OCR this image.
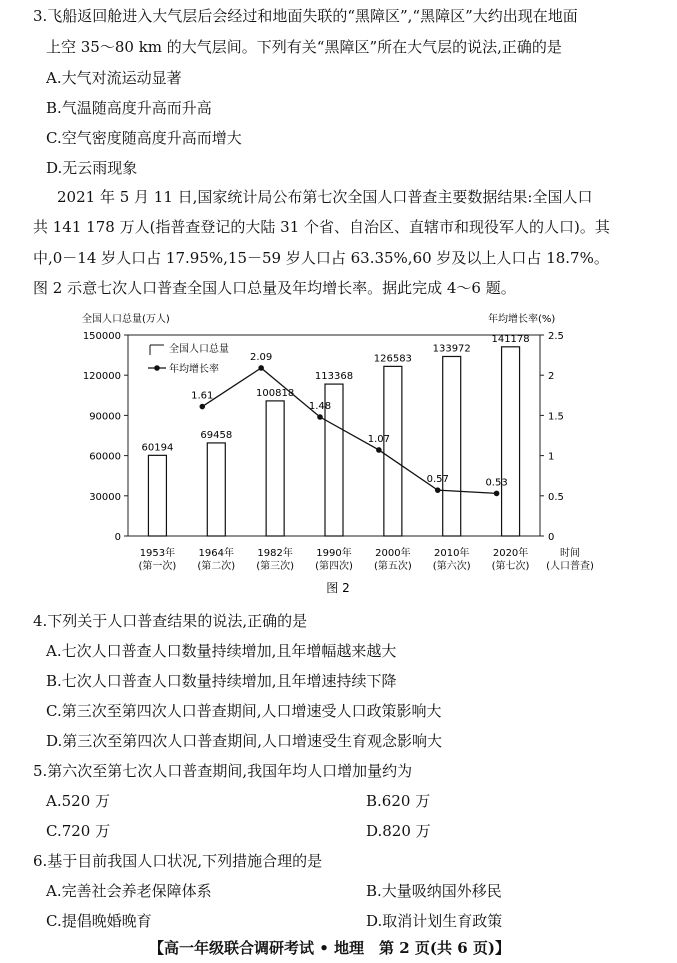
3.飞船返回舱进入大气层后会经过和地面失联的“黑障区”,“黑障区”大约出现在地面
上空 35～80 km 的大气层间。下列有关“黑障区”所在大气层的说法,正确的是
A.大气对流运动显著
B.气温随高度升高而升高
C.空气密度随高度升高而增大
D.无云雨现象
2021 年 5 月 11 日,国家统计局公布第七次全国人口普查主要数据结果:全国人口
共 141 178 万人(指普查登记的大陆 31 个省、自治区、直辖市和现役军人的人口)。其
中,0－14 岁人口占 17.95%,15－59 岁人口占 63.35%,60 岁及以上人口占 18.7%。
图 2 示意七次人口普查全国人口总量及年均增长率。据此完成 4～6 题。
全国人口总量(万人)	年均增长率(%)
0
30000
60000
90000
120000
150000
0
0.5
1
1.5
2
2.5
60194
69458
100818
113368
126583
133972
141178
1.61
2.09
1.48
1.07
0.57	0.53
全国人口总量
年均增长率
1953年
(第一次)
1964年
(第二次)
1982年
(第三次)
1990年
(第四次)
2000年
(第五次)
2010年
(第六次)
2020年
(第七次)
时间
(人口普查)
图 2
4.下列关于人口普查结果的说法,正确的是
A.七次人口普查人口数量持续增加,且年增幅越来越大
B.七次人口普查人口数量持续增加,且年增速持续下降
C.第三次至第四次人口普查期间,人口增速受人口政策影响大
D.第三次至第四次人口普查期间,人口增速受生育观念影响大
5.第六次至第七次人口普查期间,我国年均人口增加量约为
A.520 万	B.620 万
C.720 万	D.820 万
6.基于目前我国人口状况,下列措施合理的是
A.完善社会养老保障体系	B.大量吸纳国外移民
C.提倡晚婚晚育	D.取消计划生育政策
【高一年级联合调研考试 • 地理　第 2 页(共 6 页)】
